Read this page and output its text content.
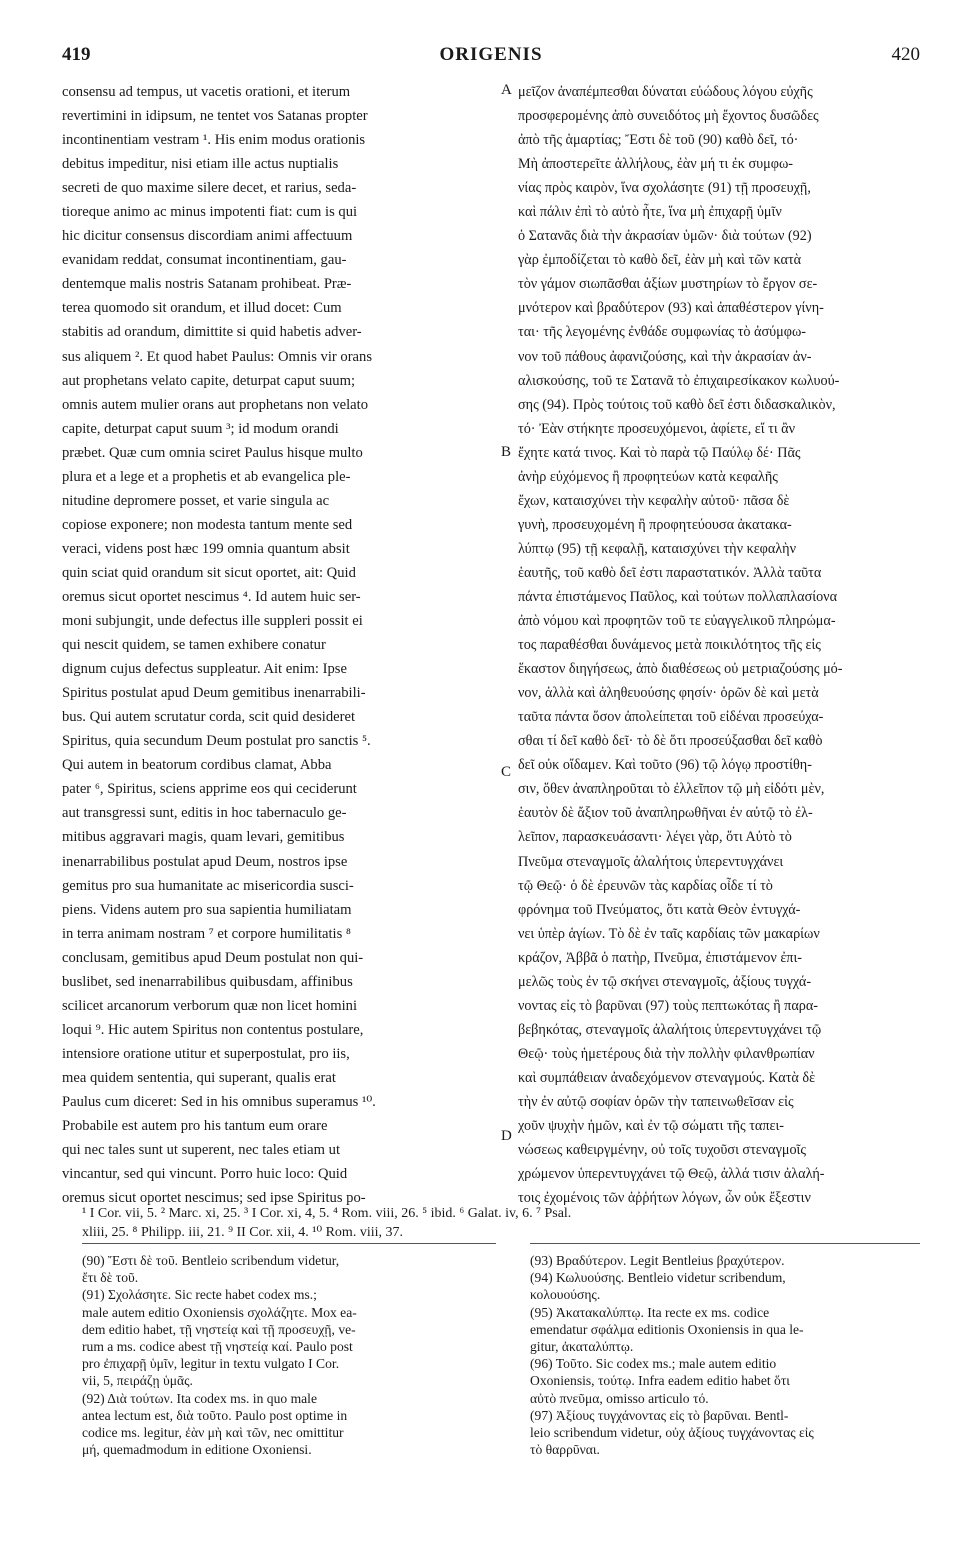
419	ORIGENIS	420
A
B
C
D
consensu ad tempus, ut vacetis orationi, et iterum
revertimini in idipsum, ne tentet vos Satanas propter
incontinentiam vestram ¹. His enim modus orationis
debitus impeditur, nisi etiam ille actus nuptialis
secreti de quo maxime silere decet, et rarius, seda-
tioreque animo ac minus impotenti fiat: cum is qui
hic dicitur consensus discordiam animi affectuum
evanidam reddat, consumat incontinentiam, gau-
dentemque malis nostris Satanam prohibeat. Præ-
terea quomodo sit orandum, et illud docet: Cum
stabitis ad orandum, dimittite si quid habetis adver-
sus aliquem ². Et quod habet Paulus: Omnis vir orans
aut prophetans velato capite, deturpat caput suum;
omnis autem mulier orans aut prophetans non velato
capite, deturpat caput suum ³; id modum orandi
præbet. Quæ cum omnia sciret Paulus hisque multo
plura et a lege et a prophetis et ab evangelica ple-
nitudine depromere posset, et varie singula ac
copiose exponere; non modesta tantum mente sed
veraci, videns post hæc 199 omnia quantum absit
quin sciat quid orandum sit sicut oportet, ait: Quid
oremus sicut oportet nescimus ⁴. Id autem huic ser-
moni subjungit, unde defectus ille suppleri possit ei
qui nescit quidem, se tamen exhibere conatur
dignum cujus defectus suppleatur. Ait enim: Ipse
Spiritus postulat apud Deum gemitibus inenarrabili-
bus. Qui autem scrutatur corda, scit quid desideret
Spiritus, quia secundum Deum postulat pro sanctis ⁵.
Qui autem in beatorum cordibus clamat, Abba
pater ⁶, Spiritus, sciens apprime eos qui ceciderunt
aut transgressi sunt, editis in hoc tabernaculo ge-
mitibus aggravari magis, quam levari, gemitibus
inenarrabilibus postulat apud Deum, nostros ipse
gemitus pro sua humanitate ac misericordia susci-
piens. Videns autem pro sua sapientia humiliatam
in terra animam nostram ⁷ et corpore humilitatis ⁸
conclusam, gemitibus apud Deum postulat non qui-
buslibet, sed inenarrabilibus quibusdam, affinibus
scilicet arcanorum verborum quæ non licet homini
loqui ⁹. Hic autem Spiritus non contentus postulare,
intensiore oratione utitur et superpostulat, pro iis,
mea quidem sententia, qui superant, qualis erat
Paulus cum diceret: Sed in his omnibus superamus ¹⁰.
Probabile est autem pro his tantum eum orare
qui nec tales sunt ut superent, nec tales etiam ut
vincantur, sed qui vincunt. Porro huic loco: Quid
oremus sicut oportet nescimus; sed ipse Spiritus po-
μεῖζον ἀναπέμπεσθαι δύναται εὐώδους λόγου εὐχῆς
προσφερομένης ἀπὸ συνειδότος μὴ ἔχοντος δυσῶδες
ἀπὸ τῆς ἁμαρτίας; Ἔστι δὲ τοῦ (90) καθὸ δεῖ, τό·
Μὴ ἀποστερεῖτε ἀλλήλους, ἐὰν μή τι ἐκ συμφω-
νίας πρὸς καιρὸν, ἵνα σχολάσητε (91) τῇ προσευχῇ,
καὶ πάλιν ἐπὶ τὸ αὐτὸ ἦτε, ἵνα μὴ ἐπιχαρῇ ὑμῖν
ὁ Σατανᾶς διὰ τὴν ἀκρασίαν ὑμῶν· διὰ τούτων (92)
γὰρ ἐμποδίζεται τὸ καθὸ δεῖ, ἐὰν μὴ καὶ τῶν κατὰ
τὸν γάμον σιωπᾶσθαι ἀξίων μυστηρίων τὸ ἔργον σε-
μνότερον καὶ βραδύτερον (93) καὶ ἀπαθέστερον γίνη-
ται· τῆς λεγομένης ἐνθάδε συμφωνίας τὸ ἀσύμφω-
νον τοῦ πάθους ἀφανιζούσης, καὶ τὴν ἀκρασίαν ἀν-
αλισκούσης, τοῦ τε Σατανᾶ τὸ ἐπιχαιρεσίκακον κωλυού-
σης (94). Πρὸς τούτοις τοῦ καθὸ δεῖ ἐστι διδασκαλικὸν,
τό· Ἐὰν στήκητε προσευχόμενοι, ἀφίετε, εἴ τι ἂν
ἔχητε κατά τινος. Καὶ τὸ παρὰ τῷ Παύλῳ δέ· Πᾶς
ἀνὴρ εὐχόμενος ἢ προφητεύων κατὰ κεφαλῆς
ἔχων, καταισχύνει τὴν κεφαλὴν αὐτοῦ· πᾶσα δὲ
γυνὴ, προσευχομένη ἢ προφητεύουσα ἀκατακα-
λύπτῳ (95) τῇ κεφαλῇ, καταισχύνει τὴν κεφαλὴν
ἑαυτῆς, τοῦ καθὸ δεῖ ἐστι παραστατικόν. Ἀλλὰ ταῦτα
πάντα ἐπιστάμενος Παῦλος, καὶ τούτων πολλαπλασίονα
ἀπὸ νόμου καὶ προφητῶν τοῦ τε εὐαγγελικοῦ πληρώμα-
τος παραθέσθαι δυνάμενος μετὰ ποικιλότητος τῆς εἰς
ἕκαστον διηγήσεως, ἀπὸ διαθέσεως οὐ μετριαζούσης μό-
νον, ἀλλὰ καὶ ἀληθευούσης φησίν· ὁρῶν δὲ καὶ μετὰ
ταῦτα πάντα ὅσον ἀπολείπεται τοῦ εἰδέναι προσεύχα-
σθαι τί δεῖ καθὸ δεῖ· τὸ δὲ ὅτι προσεύξασθαι δεῖ καθὸ
δεῖ οὐκ οἴδαμεν. Καὶ τοῦτο (96) τῷ λόγῳ προστίθη-
σιν, ὅθεν ἀναπληροῦται τὸ ἐλλεῖπον τῷ μὴ εἰδότι μὲν,
ἑαυτὸν δὲ ἄξιον τοῦ ἀναπληρωθῆναι ἐν αὐτῷ τὸ ἐλ-
λεῖπον, παρασκευάσαντι· λέγει γὰρ, ὅτι Αὐτὸ τὸ
Πνεῦμα στεναγμοῖς ἀλαλήτοις ὑπερεντυγχάνει
τῷ Θεῷ· ὁ δὲ ἐρευνῶν τὰς καρδίας οἶδε τί τὸ
φρόνημα τοῦ Πνεύματος, ὅτι κατὰ Θεὸν ἐντυγχά-
νει ὑπὲρ ἁγίων. Τὸ δὲ ἐν ταῖς καρδίαις τῶν μακαρίων
κράζον, Ἀββᾶ ὁ πατὴρ, Πνεῦμα, ἐπιστάμενον ἐπι-
μελῶς τοὺς ἐν τῷ σκήνει στεναγμοῖς, ἀξίους τυγχά-
νοντας εἰς τὸ βαρῦναι (97) τοὺς πεπτωκότας ἢ παρα-
βεβηκότας, στεναγμοῖς ἀλαλήτοις ὑπερεντυγχάνει τῷ
Θεῷ· τοὺς ἡμετέρους διὰ τὴν πολλὴν φιλανθρωπίαν
καὶ συμπάθειαν ἀναδεχόμενον στεναγμούς. Κατὰ δὲ
τὴν ἐν αὐτῷ σοφίαν ὁρῶν τὴν ταπεινωθεῖσαν εἰς
χοῦν ψυχὴν ἡμῶν, καὶ ἐν τῷ σώματι τῆς ταπει-
νώσεως καθειργμένην, οὐ τοῖς τυχοῦσι στεναγμοῖς
χρώμενον ὑπερεντυγχάνει τῷ Θεῷ, ἀλλά τισιν ἀλαλή-
τοις ἐχομένοις τῶν ἀῤῥήτων λόγων, ὧν οὐκ ἔξεστιν
¹ I Cor. vii, 5. ² Marc. xi, 25. ³ I Cor. xi, 4, 5. ⁴ Rom. viii, 26. ⁵ ibid. ⁶ Galat. iv, 6. ⁷ Psal.
xliii, 25. ⁸ Philipp. iii, 21. ⁹ II Cor. xii, 4. ¹⁰ Rom. viii, 37.
(90) Ἔστι δὲ τοῦ. Bentleio scribendum videtur,
ἔτι δὲ τοῦ.
(91) Σχολάσητε. Sic recte habet codex ms.;
male autem editio Oxoniensis σχολάζητε. Mox ea-
dem editio habet, τῇ νηστείᾳ καὶ τῇ προσευχῇ, ve-
rum a ms. codice abest τῇ νηστείᾳ καί. Paulo post
pro ἐπιχαρῇ ὑμῖν, legitur in textu vulgato I Cor.
vii, 5, πειράζῃ ὑμᾶς.
(92) Διὰ τούτων. Ita codex ms. in quo male
antea lectum est, διὰ τοῦτο. Paulo post optime in
codice ms. legitur, ἐὰν μὴ καὶ τῶν, nec omittitur
μή, quemadmodum in editione Oxoniensi.
(93) Βραδύτερον. Legit Bentleius βραχύτερον.
(94) Κωλυούσης. Bentleio videtur scribendum,
κολουούσης.
(95) Ἀκατακαλύπτῳ. Ita recte ex ms. codice
emendatur σφάλμα editionis Oxoniensis in qua le-
gitur, ἀκαταλύπτῳ.
(96) Τοῦτο. Sic codex ms.; male autem editio
Oxoniensis, τούτῳ. Infra eadem editio habet ὅτι
αὐτὸ πνεῦμα, omisso articulo τό.
(97) Ἀξίους τυγχάνοντας εἰς τὸ βαρῦναι. Bentl-
leio scribendum videtur, οὐχ ἀξίους τυγχάνοντας εἰς
τὸ θαρρῦναι.
